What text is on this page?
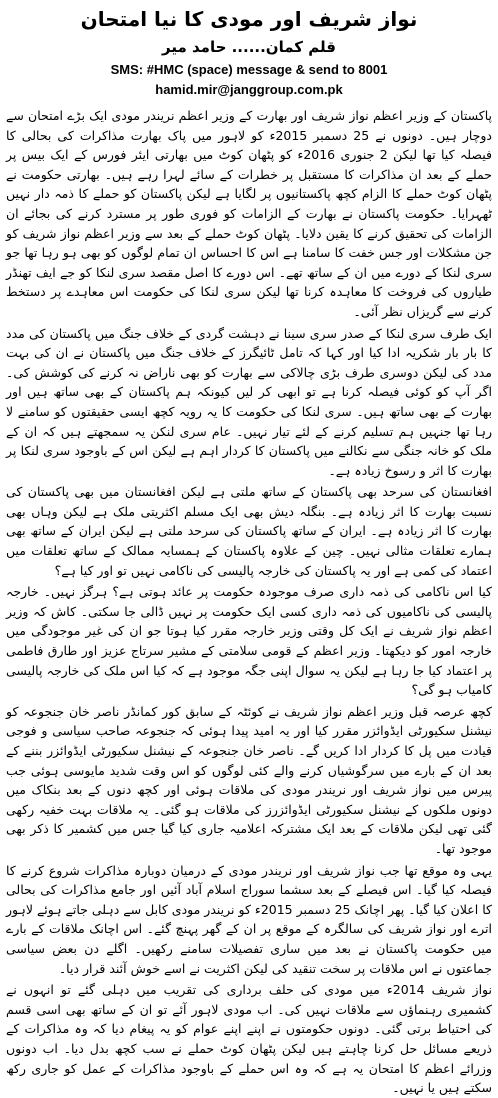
نواز شریف اور مودی کا نیا امتحان
قلم کمان...... حامد میر
SMS: #HMC (space) message & send to 8001
hamid.mir@janggroup.com.pk

پاکستان کے وزیر اعظم نواز شریف اور بھارت کے وزیر اعظم نریندر مودی ایک بڑے امتحان سے دوچار ہیں۔ دونوں نے 25 دسمبر 2015ء کو لاہور میں پاک بھارت مذاکرات کی بحالی کا فیصلہ کیا تھا لیکن 2 جنوری 2016ء کو پٹھان کوٹ میں بھارتی ایئر فورس کے ایک بیس پر حملے کے بعد ان مذاکرات کا مستقبل پر خطرات کے سائے لہرا رہے ہیں۔ بھارتی حکومت نے پٹھان کوٹ حملے کا الزام کچھ پاکستانیوں پر لگایا ہے لیکن پاکستان کو حملے کا ذمہ دار نہیں ٹھہرایا۔ حکومت پاکستان نے بھارت کے الزامات کو فوری طور پر مسترد کرنے کی بجائے ان الزامات کی تحقیق کرنے کا یقین دلایا۔ پٹھان کوٹ حملے کے بعد سے وزیر اعظم نواز شریف کو جن مشکلات اور جس خفت کا سامنا ہے اس کا احساس ان تمام لوگوں کو بھی ہو رہا تھا جو سری لنکا کے دورے میں ان کے ساتھ تھے۔ اس دورے کا اصل مقصد سری لنکا کو جے ایف تھنڈر طیاروں کی فروخت کا معاہدہ کرنا تھا لیکن سری لنکا کی حکومت اس معاہدے پر دستخط کرنے سے گریزاں نظر آئی۔

ایک طرف سری لنکا کے صدر سری سینا نے دہشت گردی کے خلاف جنگ میں پاکستان کی مدد کا بار بار شکریہ ادا کیا اور کہا کہ تامل ٹائیگرز کے خلاف جنگ میں پاکستان نے ان کی بہت مدد کی لیکن دوسری طرف بڑی چالاکی سے بھارت کو بھی ناراض نہ کرنے کی کوشش کی۔ اگر آپ کو کوئی فیصلہ کرنا ہے تو ابھی کر لیں کیونکہ ہم پاکستان کے بھی ساتھ ہیں اور بھارت کے بھی ساتھ ہیں۔ سری لنکا کی حکومت کا یہ رویہ کچھ ایسی حقیقتوں کو سامنے لا رہا تھا جنہیں ہم تسلیم کرنے کے لئے تیار نہیں۔ عام سری لنکن یہ سمجھتے ہیں کہ ان کے ملک کو خانہ جنگی سے نکالنے میں پاکستان کا کردار اہم ہے لیکن اس کے باوجود سری لنکا پر بھارت کا اثر و رسوخ زیادہ ہے۔

افغانستان کی سرحد بھی پاکستان کے ساتھ ملتی ہے لیکن افغانستان میں بھی پاکستان کی نسبت بھارت کا اثر زیادہ ہے۔ بنگلہ دیش بھی ایک مسلم اکثریتی ملک ہے لیکن وہاں بھی بھارت کا اثر زیادہ ہے۔ ایران کے ساتھ پاکستان کی سرحد ملتی ہے لیکن ایران کے ساتھ بھی ہمارے تعلقات مثالی نہیں۔ چین کے علاوہ پاکستان کے ہمسایہ ممالک کے ساتھ تعلقات میں اعتماد کی کمی ہے اور یہ پاکستان کی خارجہ پالیسی کی ناکامی نہیں تو اور کیا ہے؟

کیا اس ناکامی کی ذمہ داری صرف موجودہ حکومت پر عائد ہوتی ہے؟ ہرگز نہیں۔ خارجہ پالیسی کی ناکامیوں کی ذمہ داری کسی ایک حکومت پر نہیں ڈالی جا سکتی۔ کاش کہ وزیر اعظم نواز شریف نے ایک کل وقتی وزیر خارجہ مقرر کیا ہوتا جو ان کی غیر موجودگی میں خارجہ امور کو دیکھتا۔ وزیر اعظم کے قومی سلامتی کے مشیر سرتاج عزیز اور طارق فاطمی پر اعتماد کیا جا رہا ہے لیکن یہ سوال اپنی جگہ موجود ہے کہ کیا اس ملک کی خارجہ پالیسی کامیاب ہو گی؟

کچھ عرصہ قبل وزیر اعظم نواز شریف نے کوئٹہ کے سابق کور کمانڈر ناصر خان جنجوعہ کو نیشنل سکیورٹی ایڈوائزر مقرر کیا اور یہ امید پیدا ہوئی کہ جنجوعہ صاحب سیاسی و فوجی قیادت میں پل کا کردار ادا کریں گے۔ ناصر خان جنجوعہ کے نیشنل سکیورٹی ایڈوائزر بننے کے بعد ان کے بارے میں سرگوشیاں کرنے والے کئی لوگوں کو اس وقت شدید مایوسی ہوئی جب پیرس میں نواز شریف اور نریندر مودی کی ملاقات ہوئی اور کچھ دنوں کے بعد بنکاک میں دونوں ملکوں کے نیشنل سکیورٹی ایڈوائزرز کی ملاقات ہو گئی۔ یہ ملاقات بہت خفیہ رکھی گئی تھی لیکن ملاقات کے بعد ایک مشترکہ اعلامیہ جاری کیا گیا جس میں کشمیر کا ذکر بھی موجود تھا۔

یہی وہ موقع تھا جب نواز شریف اور نریندر مودی کے درمیان دوبارہ مذاکرات شروع کرنے کا فیصلہ کیا گیا۔ اس فیصلے کے بعد سشما سوراج اسلام آباد آئیں اور جامع مذاکرات کی بحالی کا اعلان کیا گیا۔ پھر اچانک 25 دسمبر 2015ء کو نریندر مودی کابل سے دہلی جاتے ہوئے لاہور اترے اور نواز شریف کی سالگرہ کے موقع پر ان کے گھر پہنچ گئے۔ اس اچانک ملاقات کے بارے میں حکومت پاکستان نے بعد میں ساری تفصیلات سامنے رکھیں۔ اگلے دن بعض سیاسی جماعتوں نے اس ملاقات پر سخت تنقید کی لیکن اکثریت نے اسے خوش آئند قرار دیا۔

نواز شریف 2014ء میں مودی کی حلف برداری کی تقریب میں دہلی گئے تو انہوں نے کشمیری رہنماؤں سے ملاقات نہیں کی۔ اب مودی لاہور آئے تو ان کے ساتھ بھی اسی قسم کی احتیاط برتی گئی۔ دونوں حکومتوں نے اپنے اپنے عوام کو یہ پیغام دیا کہ وہ مذاکرات کے ذریعے مسائل حل کرنا چاہتے ہیں لیکن پٹھان کوٹ حملے نے سب کچھ بدل دیا۔ اب دونوں وزرائے اعظم کا امتحان یہ ہے کہ وہ اس حملے کے باوجود مذاکرات کے عمل کو جاری رکھ سکتے ہیں یا نہیں۔
